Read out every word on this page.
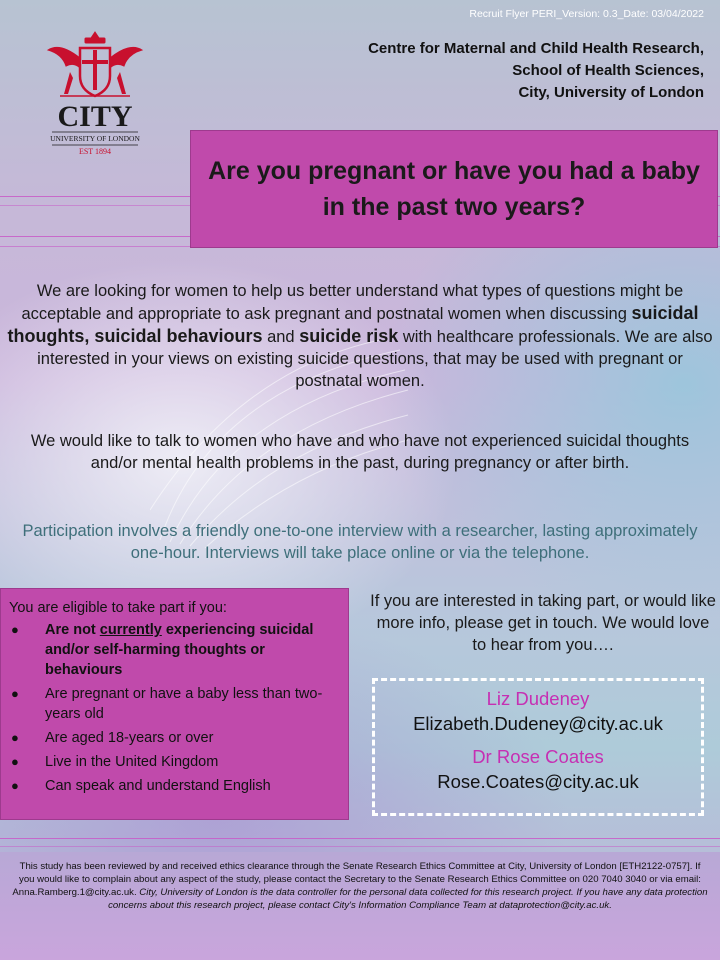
Recruit Flyer PERI_Version: 0.3_Date: 03/04/2022
CITY
UNIVERSITY OF LONDON
EST 1894
Centre for Maternal and Child Health Research,
School of Health Sciences,
City, University of London
Are you pregnant or have you had a baby in the past two years?
We are looking for women to help us better understand what types of questions might be acceptable and appropriate to ask pregnant and postnatal women when discussing suicidal thoughts, suicidal behaviours and suicide risk with healthcare professionals. We are also interested in your views on existing suicide questions, that may be used with pregnant or postnatal women.
We would like to talk to women who have and who have not experienced suicidal thoughts and/or mental health problems in the past, during pregnancy or after birth.
Participation involves a friendly one-to-one interview with a researcher, lasting approximately one-hour. Interviews will take place online or via the telephone.
You are eligible to take part if you:
● Are not currently experiencing suicidal and/or self-harming thoughts or behaviours
● Are pregnant or have a baby less than two-years old
● Are aged 18-years or over
● Live in the United Kingdom
● Can speak and understand English
If you are interested in taking part, or would like more info, please get in touch. We would love to hear from you….
Liz Dudeney
Elizabeth.Dudeney@city.ac.uk
Dr Rose Coates
Rose.Coates@city.ac.uk
This study has been reviewed by and received ethics clearance through the Senate Research Ethics Committee at City, University of London [ETH2122-0757]. If you would like to complain about any aspect of the study, please contact the Secretary to the Senate Research Ethics Committee on 020 7040 3040 or via email: Anna.Ramberg.1@city.ac.uk. City, University of London is the data controller for the personal data collected for this research project. If you have any data protection concerns about this research project, please contact City's Information Compliance Team at dataprotection@city.ac.uk.
